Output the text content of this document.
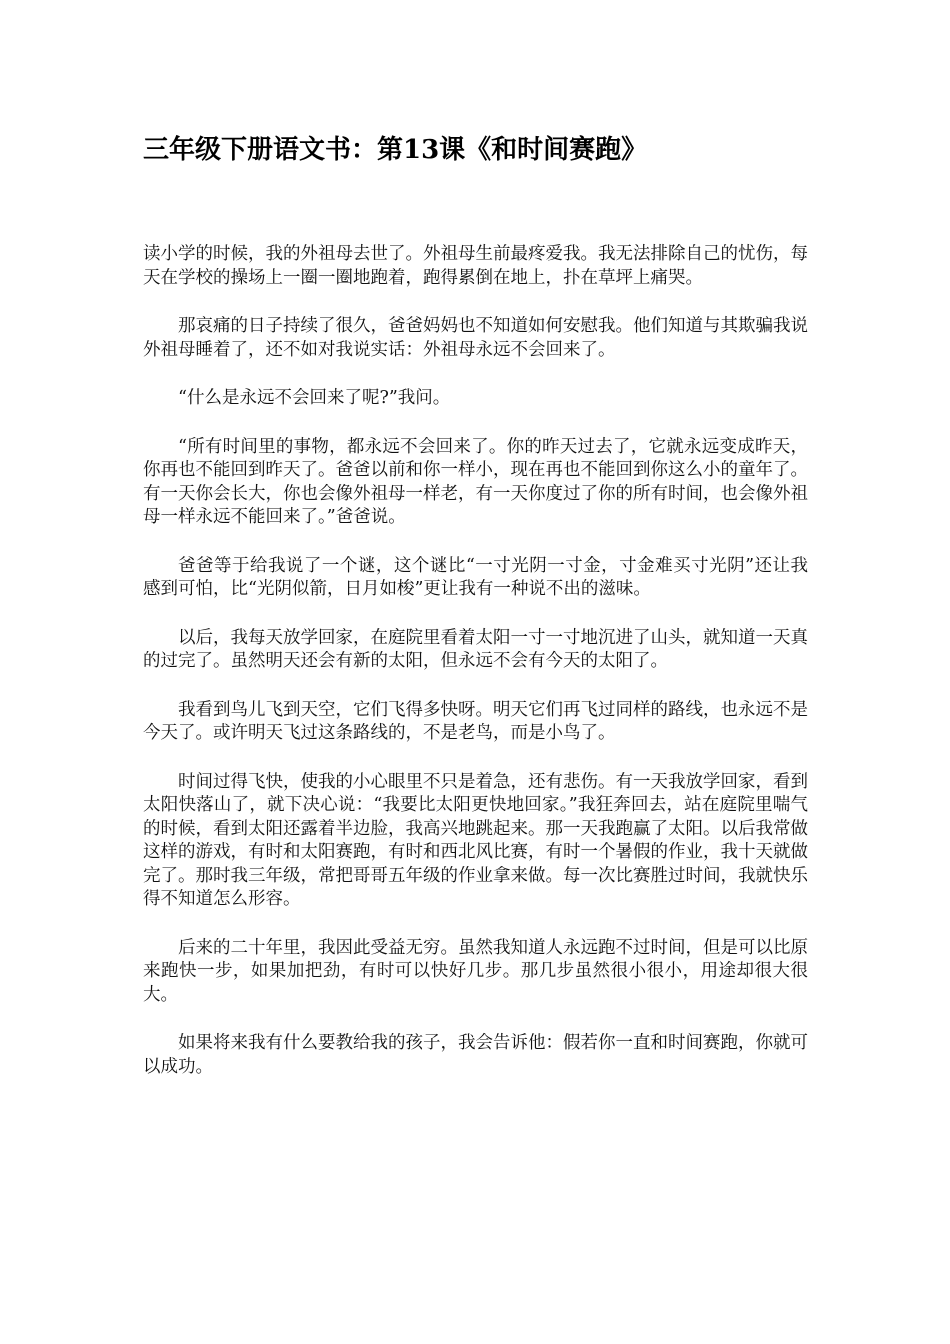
三年级下册语文书：第13课《和时间赛跑》

读小学的时候，我的外祖母去世了。外祖母生前最疼爱我。我无法排除自己的忧伤，每天在学校的操场上一圈一圈地跑着，跑得累倒在地上，扑在草坪上痛哭。

那哀痛的日子持续了很久，爸爸妈妈也不知道如何安慰我。他们知道与其欺骗我说外祖母睡着了，还不如对我说实话：外祖母永远不会回来了。

“什么是永远不会回来了呢?”我问。

“所有时间里的事物，都永远不会回来了。你的昨天过去了，它就永远变成昨天，你再也不能回到昨天了。爸爸以前和你一样小，现在再也不能回到你这么小的童年了。有一天你会长大，你也会像外祖母一样老，有一天你度过了你的所有时间，也会像外祖母一样永远不能回来了。”爸爸说。

爸爸等于给我说了一个谜，这个谜比“一寸光阴一寸金，寸金难买寸光阴”还让我感到可怕，比“光阴似箭，日月如梭”更让我有一种说不出的滋味。

以后，我每天放学回家，在庭院里看着太阳一寸一寸地沉进了山头，就知道一天真的过完了。虽然明天还会有新的太阳，但永远不会有今天的太阳了。

我看到鸟儿飞到天空，它们飞得多快呀。明天它们再飞过同样的路线，也永远不是今天了。或许明天飞过这条路线的，不是老鸟，而是小鸟了。

时间过得飞快，使我的小心眼里不只是着急，还有悲伤。有一天我放学回家，看到太阳快落山了，就下决心说：“我要比太阳更快地回家。”我狂奔回去，站在庭院里喘气的时候，看到太阳还露着半边脸，我高兴地跳起来。那一天我跑赢了太阳。以后我常做这样的游戏，有时和太阳赛跑，有时和西北风比赛，有时一个暑假的作业，我十天就做完了。那时我三年级，常把哥哥五年级的作业拿来做。每一次比赛胜过时间，我就快乐得不知道怎么形容。

后来的二十年里，我因此受益无穷。虽然我知道人永远跑不过时间，但是可以比原来跑快一步，如果加把劲，有时可以快好几步。那几步虽然很小很小，用途却很大很大。

如果将来我有什么要教给我的孩子，我会告诉他：假若你一直和时间赛跑，你就可以成功。
